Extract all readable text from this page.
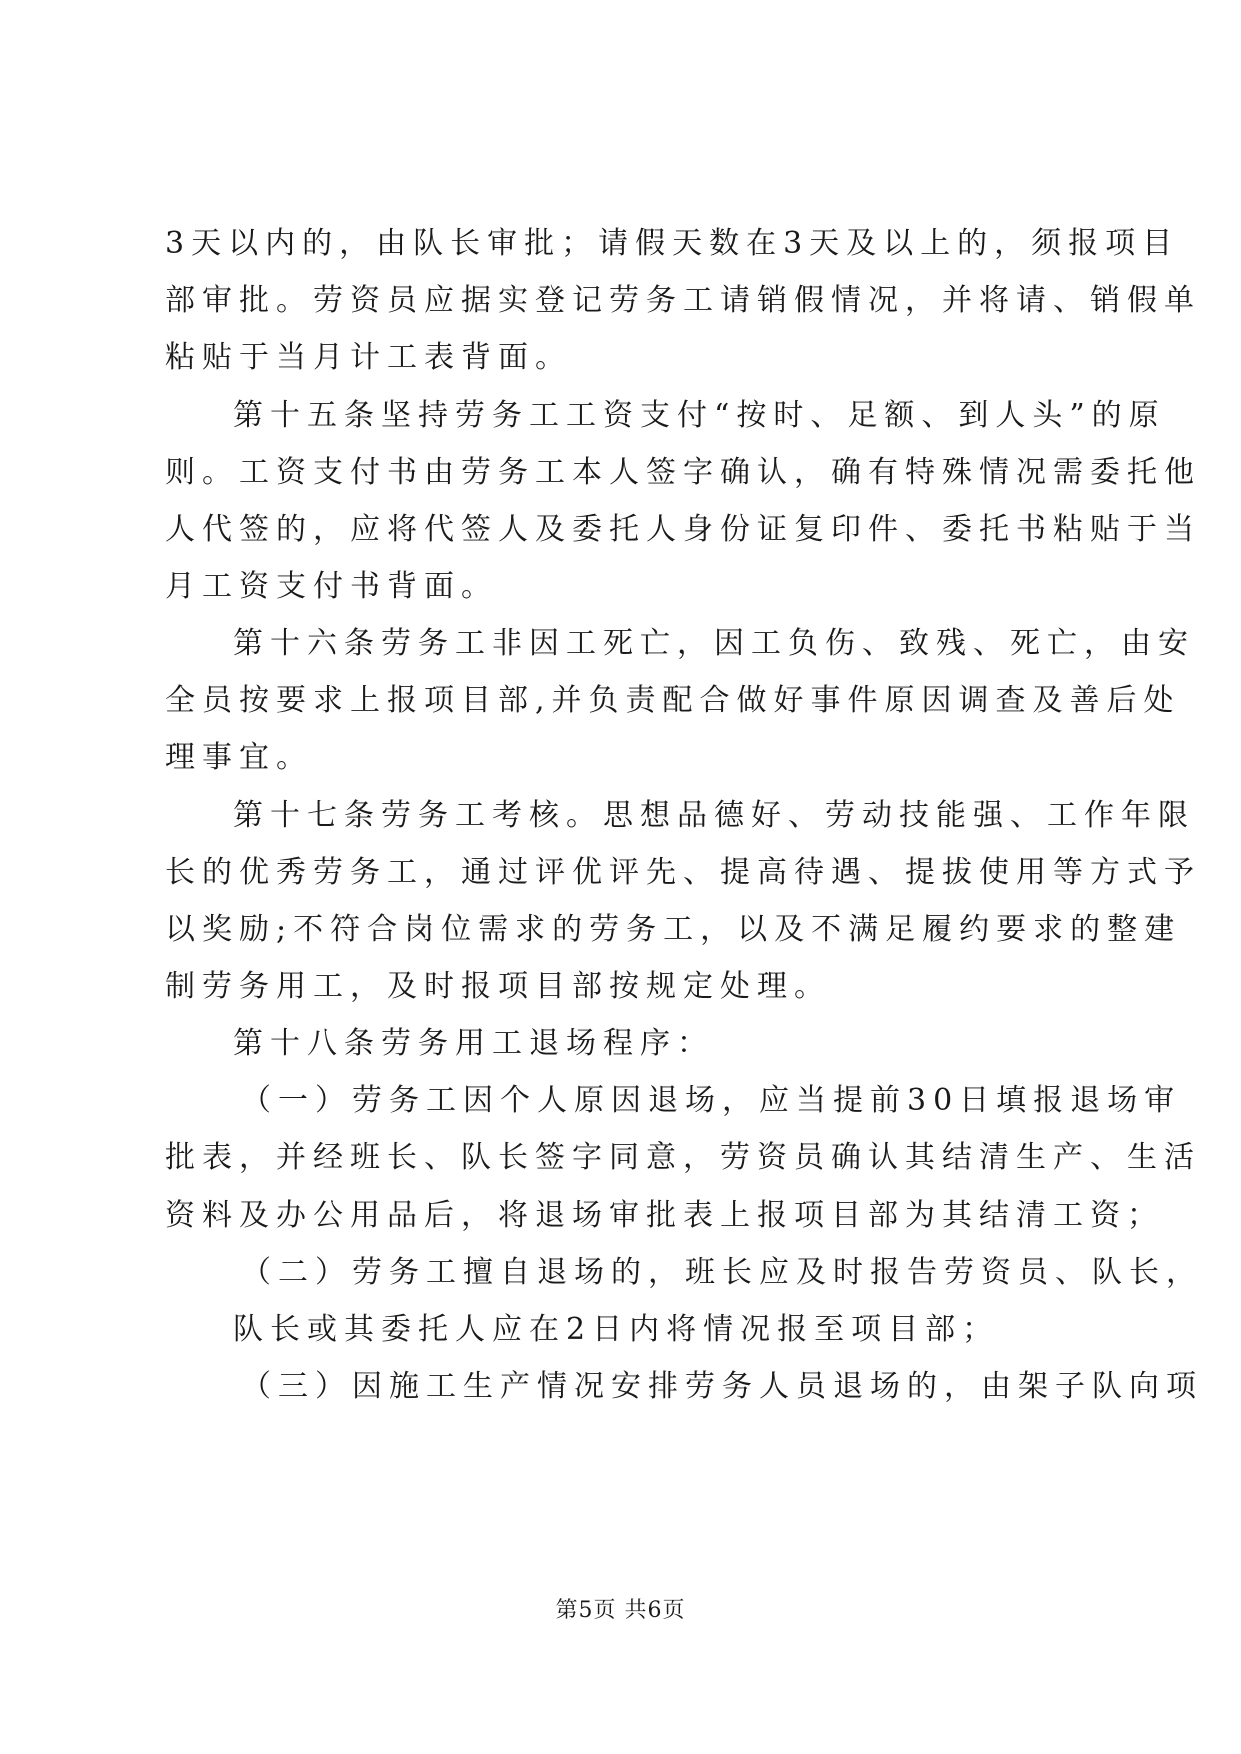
3天以内的，由队长审批；请假天数在3天及以上的，须报项目
部审批。劳资员应据实登记劳务工请销假情况，并将请、销假单
粘贴于当月计工表背面。
第十五条坚持劳务工工资支付“按时、足额、到人头”的原
则。工资支付书由劳务工本人签字确认，确有特殊情况需委托他
人代签的，应将代签人及委托人身份证复印件、委托书粘贴于当
月工资支付书背面。
第十六条劳务工非因工死亡，因工负伤、致残、死亡，由安
全员按要求上报项目部,并负责配合做好事件原因调查及善后处
理事宜。
第十七条劳务工考核。思想品德好、劳动技能强、工作年限
长的优秀劳务工，通过评优评先、提高待遇、提拔使用等方式予
以奖励;不符合岗位需求的劳务工，以及不满足履约要求的整建
制劳务用工，及时报项目部按规定处理。
第十八条劳务用工退场程序：
（一）劳务工因个人原因退场，应当提前30日填报退场审
批表，并经班长、队长签字同意，劳资员确认其结清生产、生活
资料及办公用品后，将退场审批表上报项目部为其结清工资；
（二）劳务工擅自退场的，班长应及时报告劳资员、队长，
队长或其委托人应在2日内将情况报至项目部；
（三）因施工生产情况安排劳务人员退场的，由架子队向项
第5页 共6页
